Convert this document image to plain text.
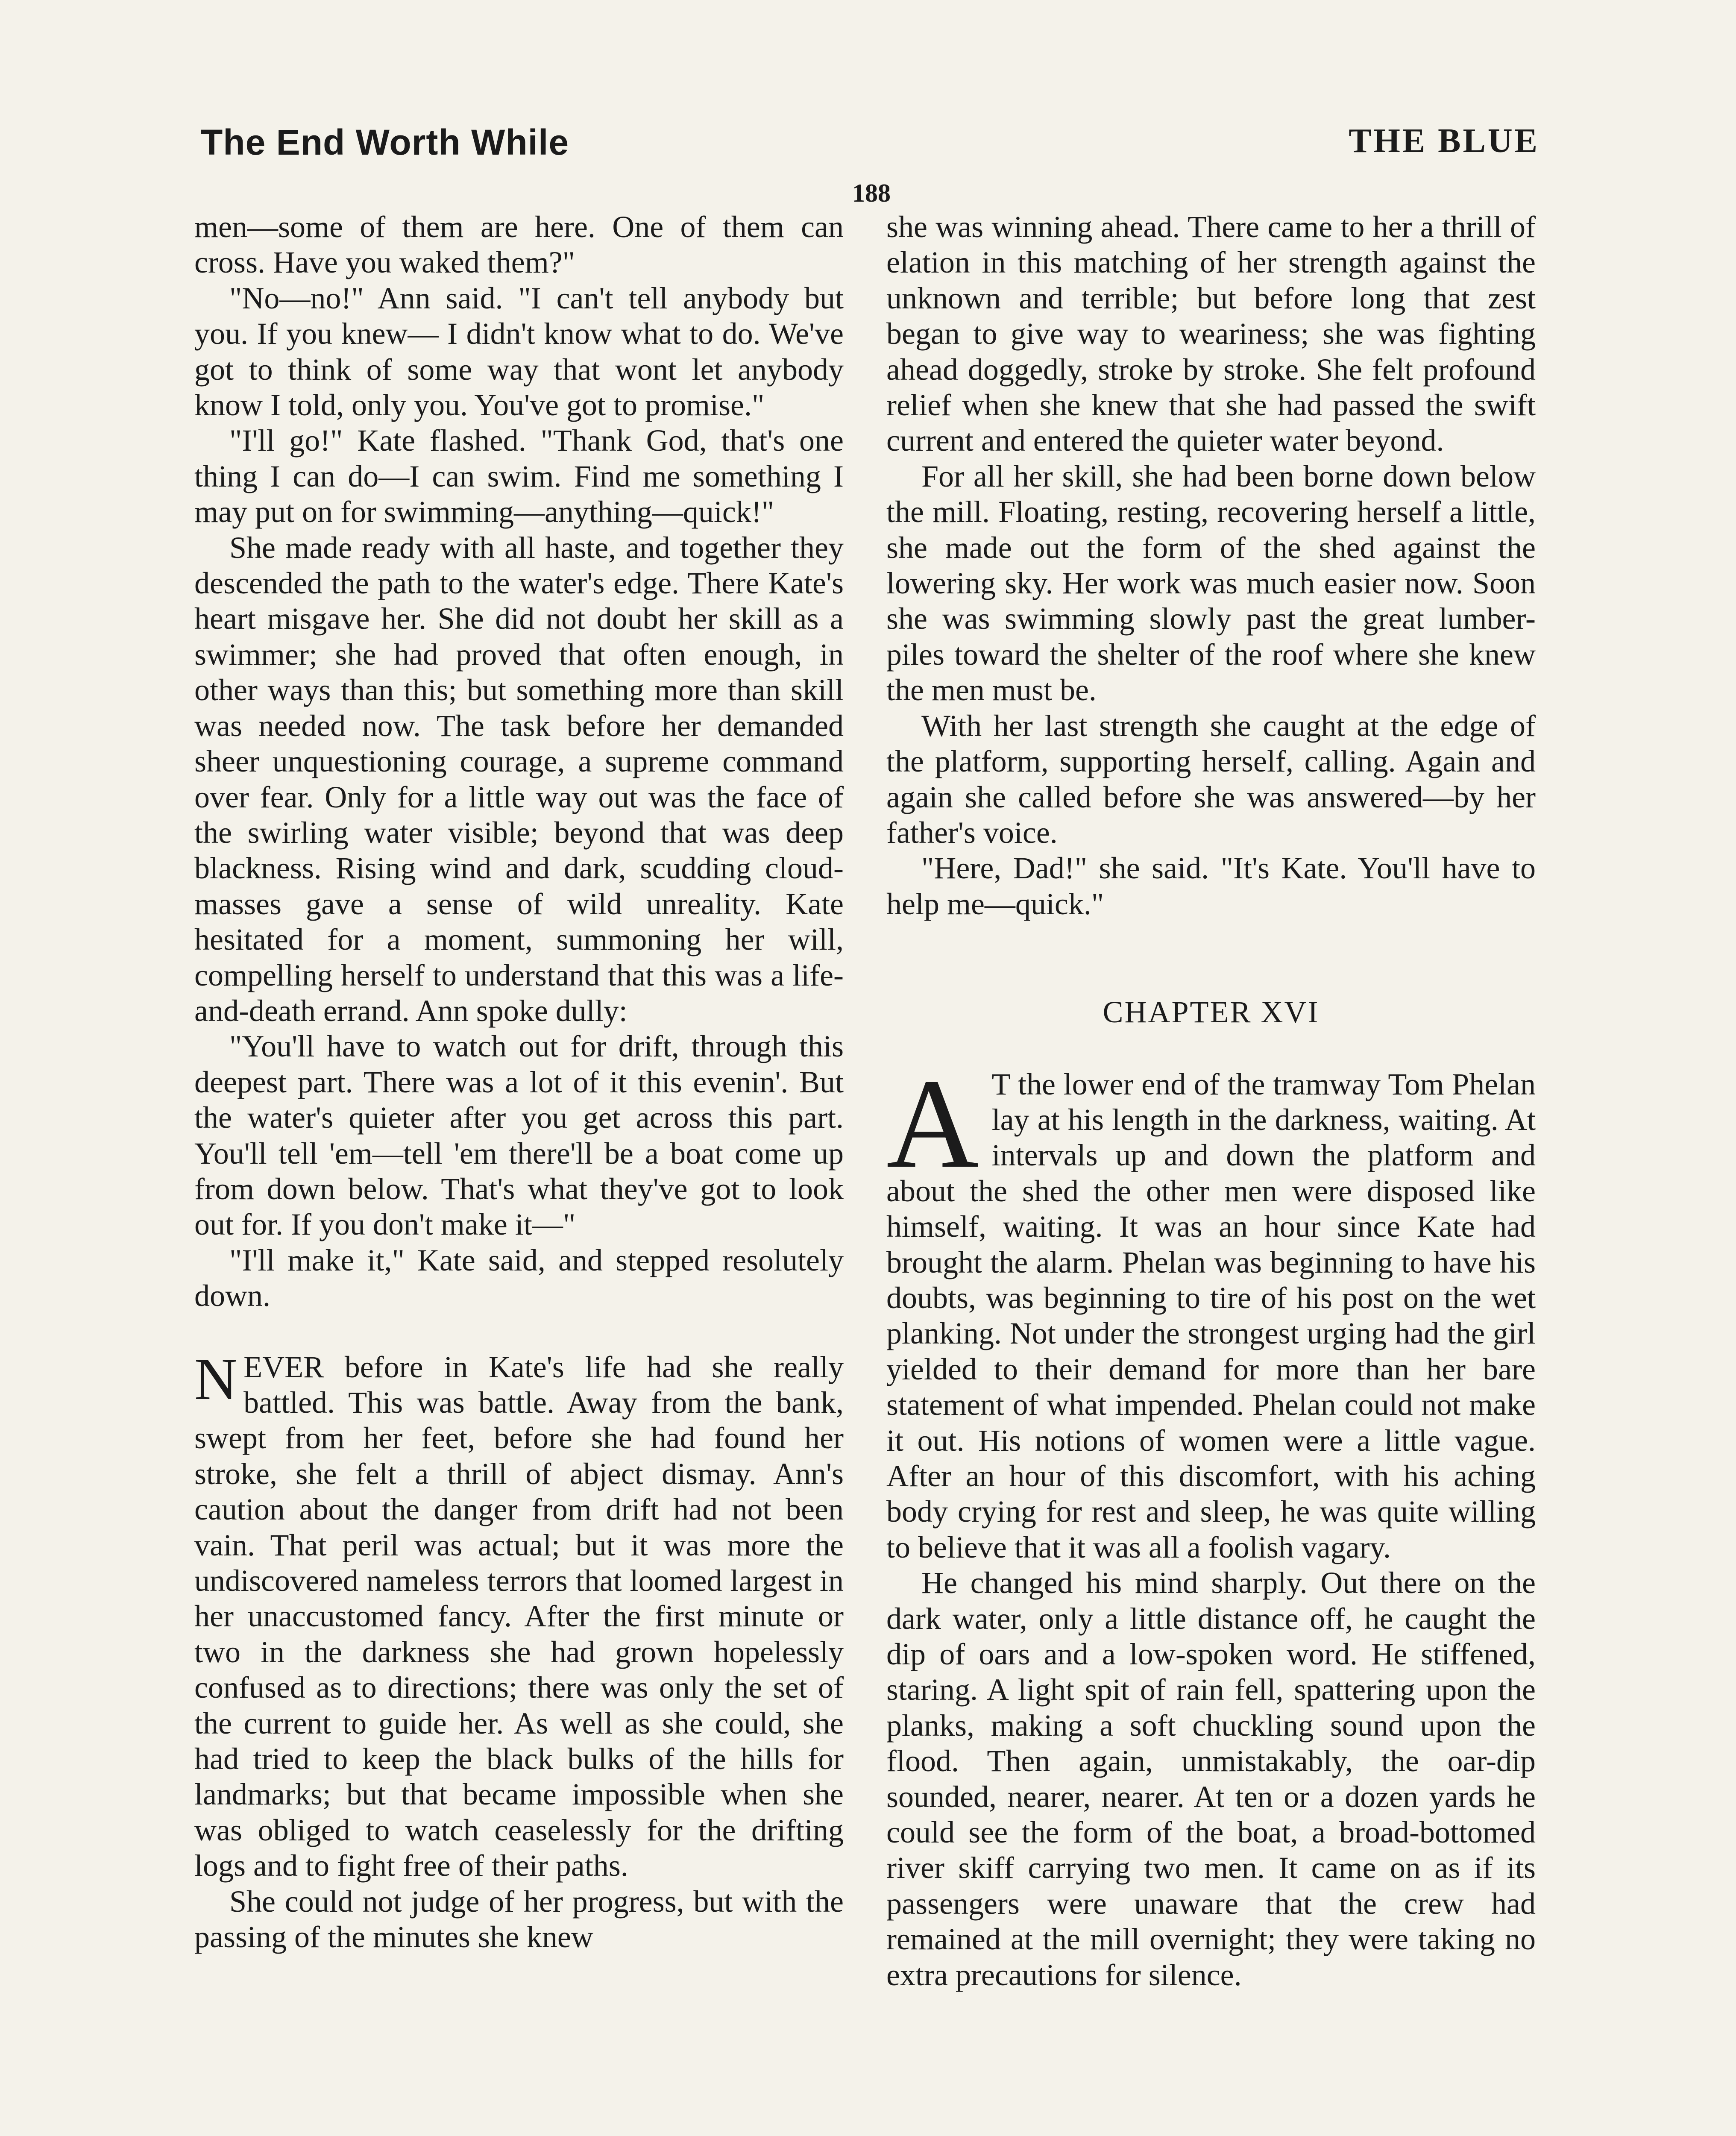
The End Worth While	THE BLUE
188

men—some of them are here. One of them can cross. Have you waked them?"

"No—no!" Ann said. "I can't tell anybody but you. If you knew— I didn't know what to do. We've got to think of some way that wont let anybody know I told, only you. You've got to promise."

"I'll go!" Kate flashed. "Thank God, that's one thing I can do—I can swim. Find me something I may put on for swimming—anything—quick!"

She made ready with all haste, and together they descended the path to the water's edge. There Kate's heart misgave her. She did not doubt her skill as a swimmer; she had proved that often enough, in other ways than this; but something more than skill was needed now. The task before her demanded sheer unquestioning courage, a supreme command over fear. Only for a little way out was the face of the swirling water visible; beyond that was deep blackness. Rising wind and dark, scudding cloud-masses gave a sense of wild unreality. Kate hesitated for a moment, summoning her will, compelling herself to understand that this was a life-and-death errand. Ann spoke dully:

"You'll have to watch out for drift, through this deepest part. There was a lot of it this evenin'. But the water's quieter after you get across this part. You'll tell 'em—tell 'em there'll be a boat come up from down below. That's what they've got to look out for. If you don't make it—"

"I'll make it," Kate said, and stepped resolutely down.

NEVER before in Kate's life had she really battled. This was battle. Away from the bank, swept from her feet, before she had found her stroke, she felt a thrill of abject dismay. Ann's caution about the danger from drift had not been vain. That peril was actual; but it was more the undiscovered nameless terrors that loomed largest in her unaccustomed fancy. After the first minute or two in the darkness she had grown hopelessly confused as to directions; there was only the set of the current to guide her. As well as she could, she had tried to keep the black bulks of the hills for landmarks; but that became impossible when she was obliged to watch ceaselessly for the drifting logs and to fight free of their paths.

She could not judge of her progress, but with the passing of the minutes she knew

she was winning ahead. There came to her a thrill of elation in this matching of her strength against the unknown and terrible; but before long that zest began to give way to weariness; she was fighting ahead doggedly, stroke by stroke. She felt profound relief when she knew that she had passed the swift current and entered the quieter water beyond.

For all her skill, she had been borne down below the mill. Floating, resting, recovering herself a little, she made out the form of the shed against the lowering sky. Her work was much easier now. Soon she was swimming slowly past the great lumber-piles toward the shelter of the roof where she knew the men must be.

With her last strength she caught at the edge of the platform, supporting herself, calling. Again and again she called before she was answered—by her father's voice.

"Here, Dad!" she said. "It's Kate. You'll have to help me—quick."

CHAPTER XVI

A T the lower end of the tramway Tom Phelan lay at his length in the darkness, waiting. At intervals up and down the platform and about the shed the other men were disposed like himself, waiting. It was an hour since Kate had brought the alarm. Phelan was beginning to have his doubts, was beginning to tire of his post on the wet planking. Not under the strongest urging had the girl yielded to their demand for more than her bare statement of what impended. Phelan could not make it out. His notions of women were a little vague. After an hour of this discomfort, with his aching body crying for rest and sleep, he was quite willing to believe that it was all a foolish vagary.

He changed his mind sharply. Out there on the dark water, only a little distance off, he caught the dip of oars and a low-spoken word. He stiffened, staring. A light spit of rain fell, spattering upon the planks, making a soft chuckling sound upon the flood. Then again, unmistakably, the oar-dip sounded, nearer, nearer. At ten or a dozen yards he could see the form of the boat, a broad-bottomed river skiff carrying two men. It came on as if its passengers were unaware that the crew had remained at the mill overnight; they were taking no extra precautions for silence.
